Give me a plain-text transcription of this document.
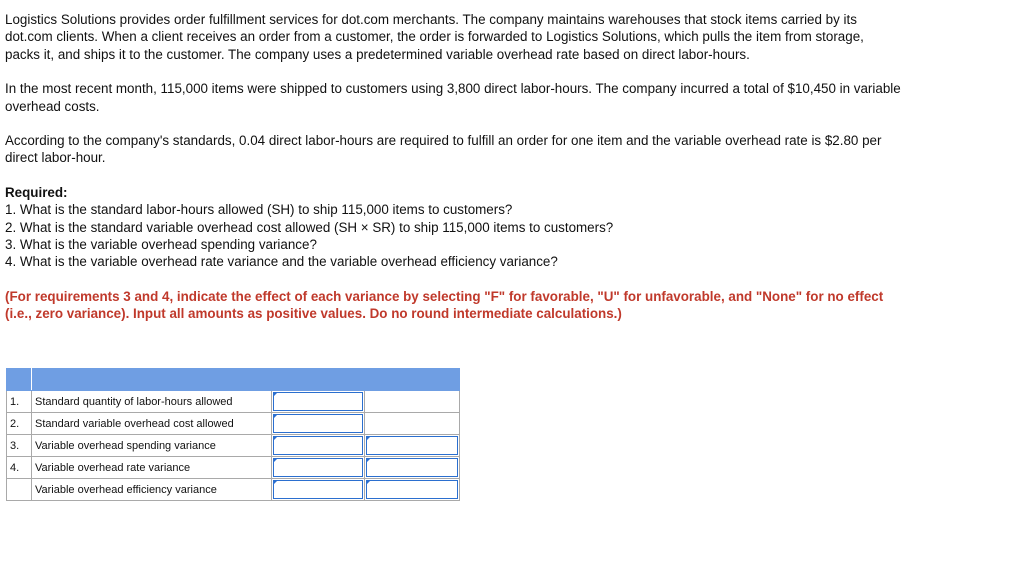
Logistics Solutions provides order fulfillment services for dot.com merchants. The company maintains warehouses that stock items carried by its dot.com clients. When a client receives an order from a customer, the order is forwarded to Logistics Solutions, which pulls the item from storage, packs it, and ships it to the customer. The company uses a predetermined variable overhead rate based on direct labor-hours.

In the most recent month, 115,000 items were shipped to customers using 3,800 direct labor-hours. The company incurred a total of $10,450 in variable overhead costs.

According to the company's standards, 0.04 direct labor-hours are required to fulfill an order for one item and the variable overhead rate is $2.80 per direct labor-hour.

Required:
1. What is the standard labor-hours allowed (SH) to ship 115,000 items to customers?
2. What is the standard variable overhead cost allowed (SH × SR) to ship 115,000 items to customers?
3. What is the variable overhead spending variance?
4. What is the variable overhead rate variance and the variable overhead efficiency variance?

(For requirements 3 and 4, indicate the effect of each variance by selecting "F" for favorable, "U" for unfavorable, and "None" for no effect (i.e., zero variance). Input all amounts as positive values. Do no round intermediate calculations.)

1.	Standard quantity of labor-hours allowed	

2.	Standard variable overhead cost allowed	

3.	Variable overhead spending variance	

4.	Variable overhead rate variance	

	Variable overhead efficiency variance	
